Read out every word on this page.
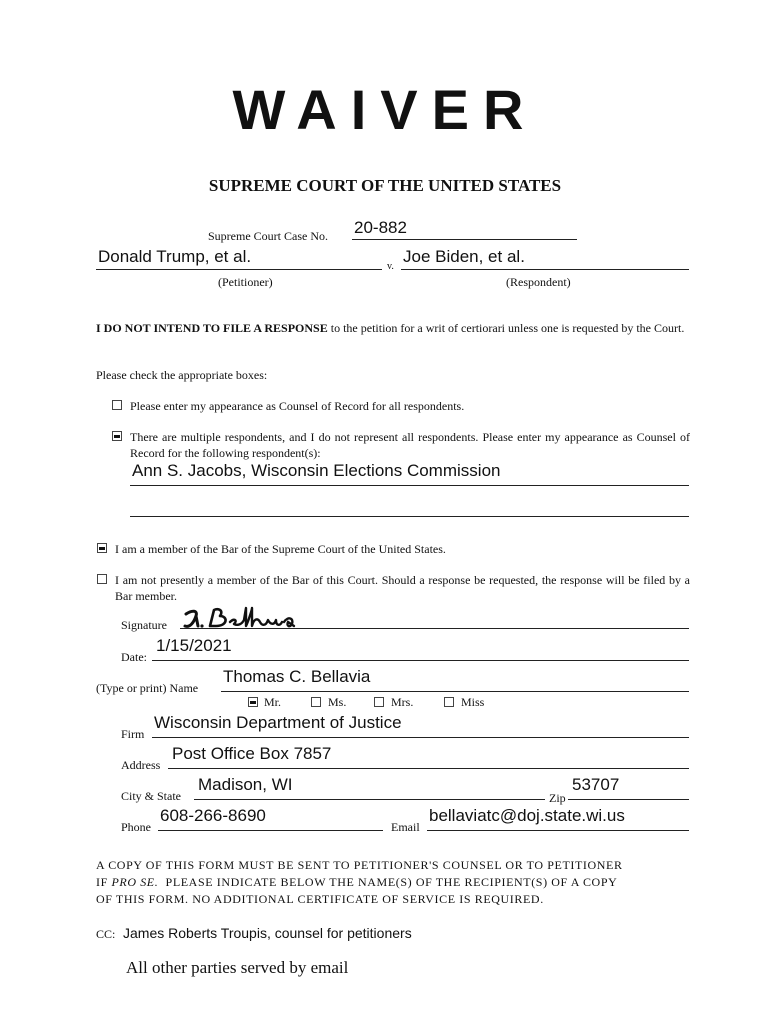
WAIVER
SUPREME COURT OF THE UNITED STATES
Supreme Court Case No. 20-882
Donald Trump, et al.
v.
Joe Biden, et al.
(Petitioner)	(Respondent)
I DO NOT INTEND TO FILE A RESPONSE to the petition for a writ of certiorari unless one is requested by the Court.
Please check the appropriate boxes:
Please enter my appearance as Counsel of Record for all respondents.
There are multiple respondents, and I do not represent all respondents. Please enter my appearance as Counsel of Record for the following respondent(s):
Ann S. Jacobs, Wisconsin Elections Commission
I am a member of the Bar of the Supreme Court of the United States.
I am not presently a member of the Bar of this Court. Should a response be requested, the response will be filed by a Bar member.
Signature
Date:
1/15/2021
(Type or print) Name
Thomas C. Bellavia
Mr.	Ms.	Mrs.	Miss
Firm
Wisconsin Department of Justice
Address
Post Office Box 7857
City & State
Madison, WI
Zip
53707
Phone
608-266-8690
Email
bellaviatc@doj.state.wi.us
A COPY OF THIS FORM MUST BE SENT TO PETITIONER'S COUNSEL OR TO PETITIONER
IF PRO SE.  PLEASE INDICATE BELOW THE NAME(S) OF THE RECIPIENT(S) OF A COPY
OF THIS FORM. NO ADDITIONAL CERTIFICATE OF SERVICE IS REQUIRED.
CC: James Roberts Troupis, counsel for petitioners
All other parties served by email
